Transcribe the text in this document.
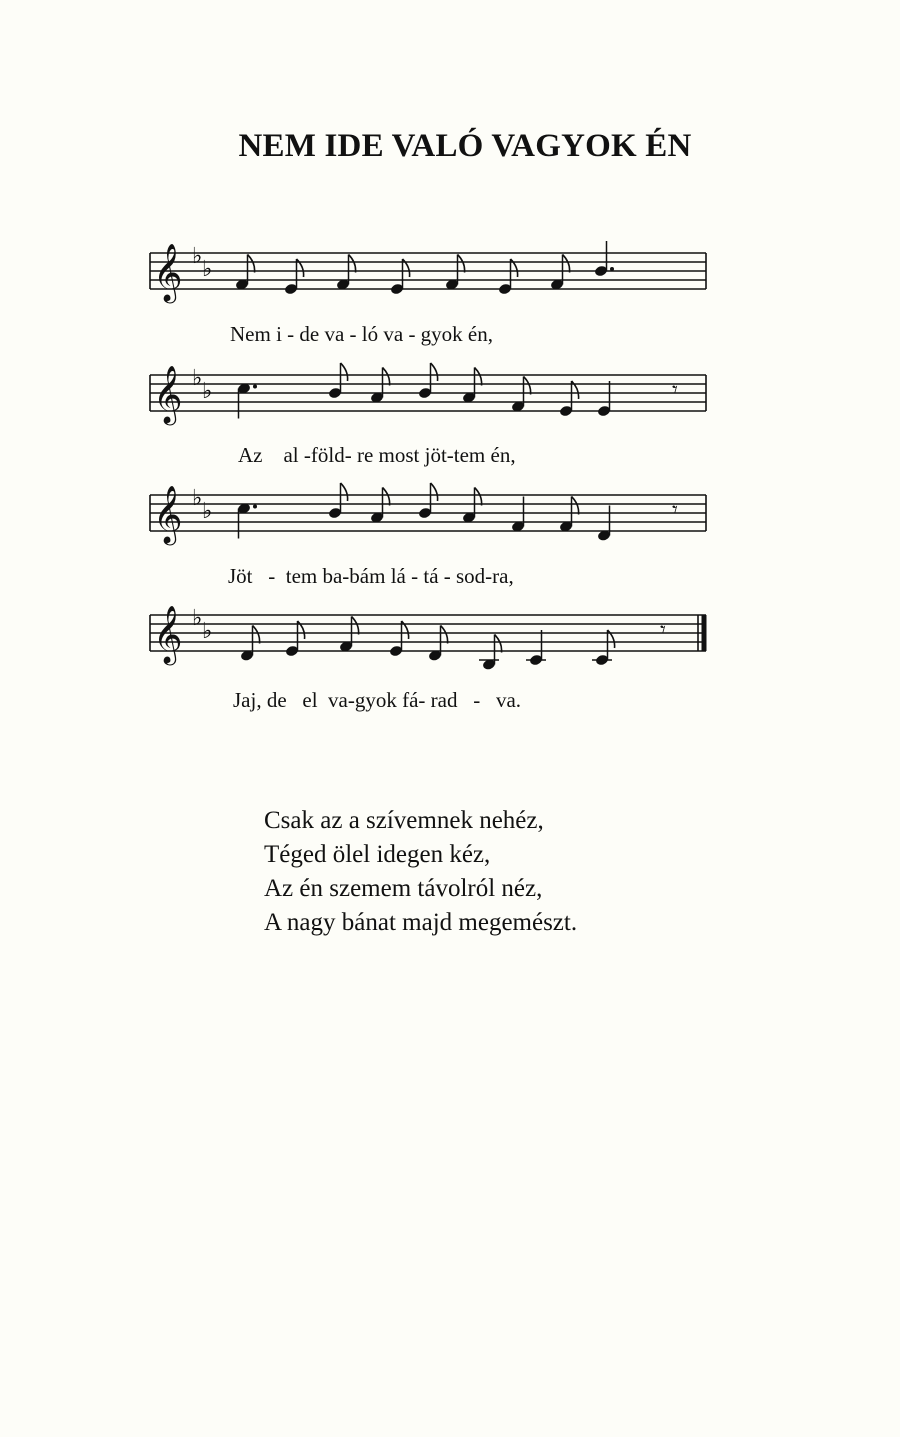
NEM IDE VALÓ VAGYOK ÉN
𝄞 ♭
♭
𝄞 ♭
♭	𝄾
𝄞 ♭
♭	𝄾
𝄞 ♭
♭	𝄾
Nem i - de va - ló va - gyok én,
Az    al -föld- re most jöt-tem én,
Jöt   -  tem ba-bám lá - tá - sod-ra,
Jaj, de   el  va-gyok fá- rad   -   va.
Csak az a szívemnek nehéz,
Téged ölel idegen kéz,
Az én szemem távolról néz,
A nagy bánat majd megemészt.
